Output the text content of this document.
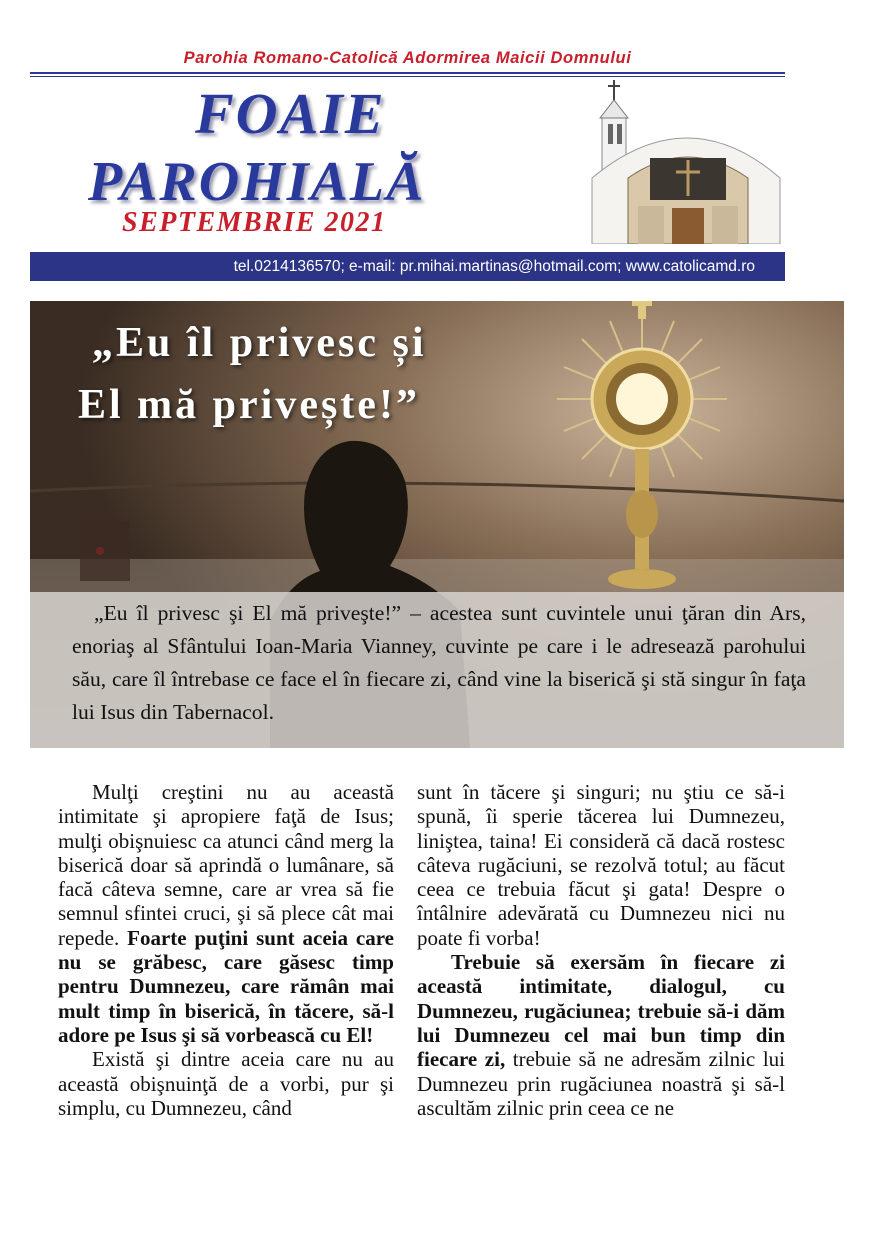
Parohia Romano-Catolică Adormirea Maicii Domnului
FOAIE
PAROHIALĂ
SEPTEMBRIE 2021
tel.0214136570; e-mail: pr.mihai.martinas@hotmail.com; www.catolicamd.ro
„Eu îl privesc și
El mă privește!”
„Eu îl privesc şi El mă priveşte!” – acestea sunt cuvintele unui ţăran din Ars, enoriaş al Sfântului Ioan-Maria Vianney, cuvinte pe care i le adresează parohului său, care îl întrebase ce face el în fiecare zi, când vine la biserică şi stă singur în faţa lui Isus din Tabernacol.

Mulţi creştini nu au această intimitate şi apropiere faţă de Isus; mulţi obişnuiesc ca atunci când merg la biserică doar să aprindă o lumânare, să facă câteva semne, care ar vrea să fie semnul sfintei cruci, şi să plece cât mai repede. Foarte puţini sunt aceia care nu se grăbesc, care găsesc timp pentru Dumnezeu, care rămân mai mult timp în biserică, în tăcere, să-l adore pe Isus şi să vorbească cu El!

Există şi dintre aceia care nu au această obişnuinţă de a vorbi, pur şi simplu, cu Dumnezeu, când

sunt în tăcere şi singuri; nu ştiu ce să-i spună, îi sperie tăcerea lui Dumnezeu, liniştea, taina! Ei consideră că dacă rostesc câteva rugăciuni, se rezolvă totul; au făcut ceea ce trebuia făcut şi gata! Despre o întâlnire adevărată cu Dumnezeu nici nu poate fi vorba!

Trebuie să exersăm în fiecare zi această intimitate, dialogul, cu Dumnezeu, rugăciunea; trebuie să-i dăm lui Dumnezeu cel mai bun timp din fiecare zi, trebuie să ne adresăm zilnic lui Dumnezeu prin rugăciunea noastră şi să-l ascultăm zilnic prin ceea ce ne
